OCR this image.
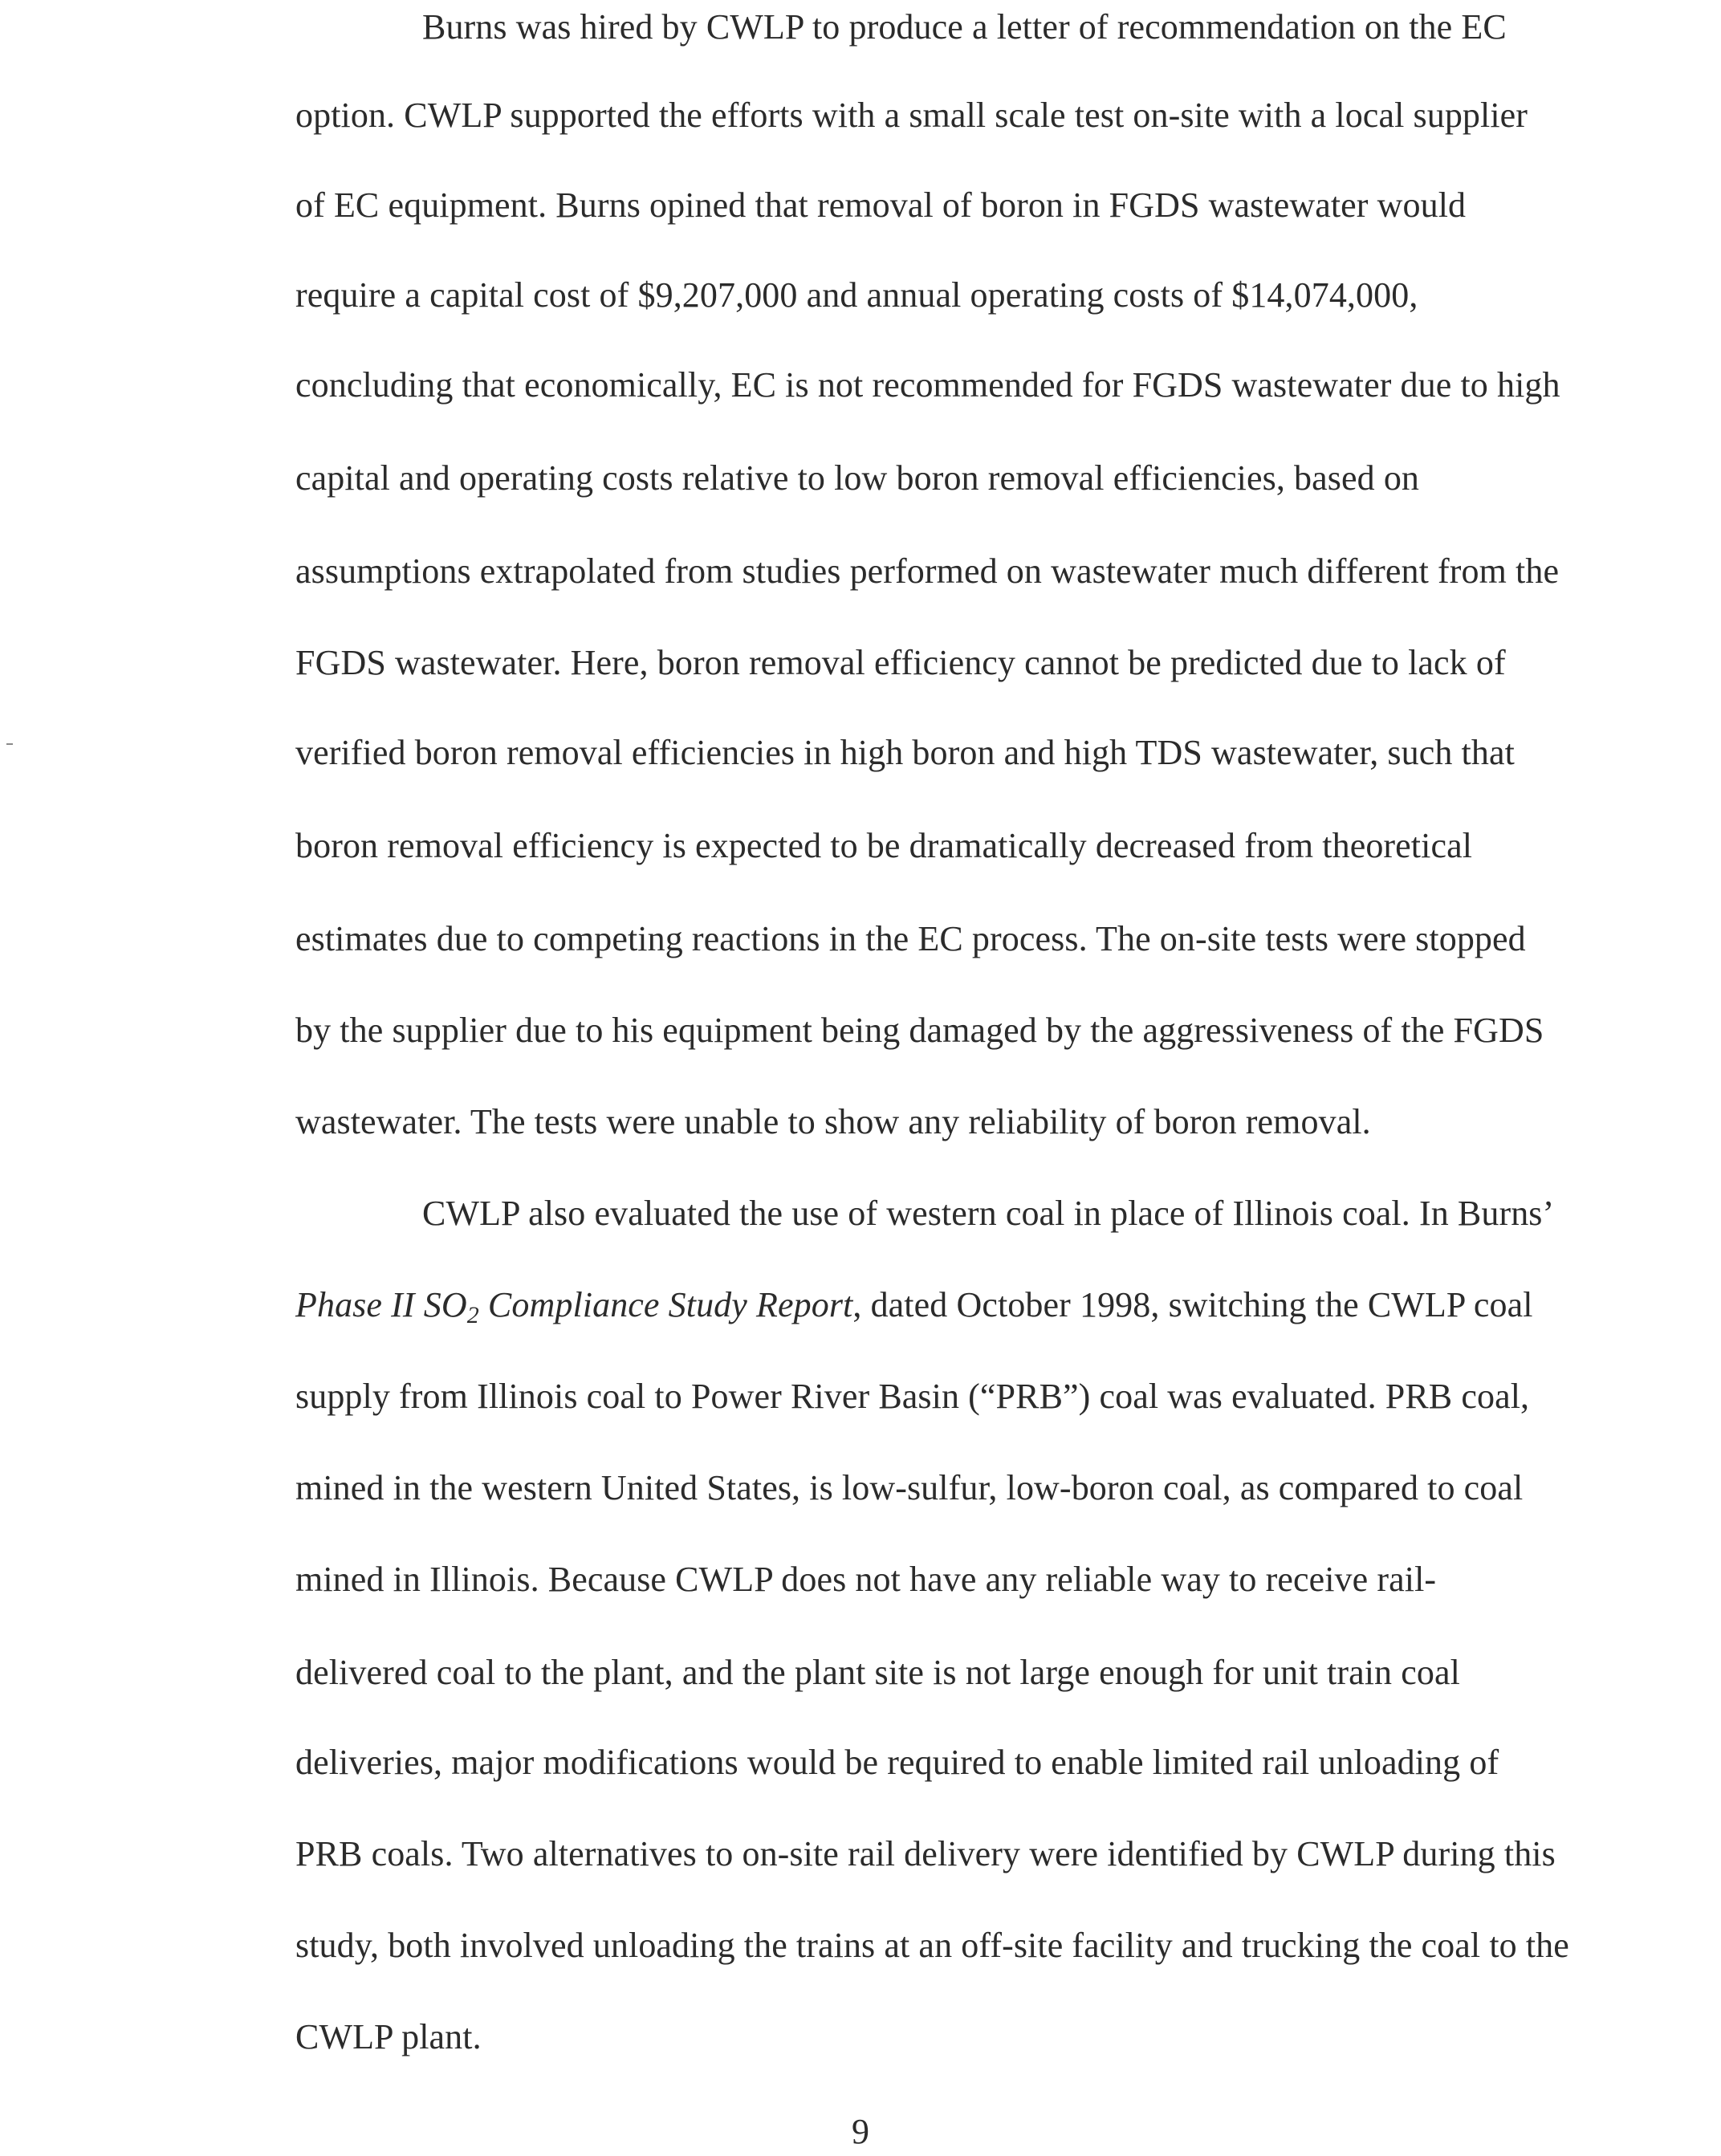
Burns was hired by CWLP to produce a letter of recommendation on the EC
option. CWLP supported the efforts with a small scale test on-site with a local supplier
of EC equipment. Burns opined that removal of boron in FGDS wastewater would
require a capital cost of $9,207,000 and annual operating costs of $14,074,000,
concluding that economically, EC is not recommended for FGDS wastewater due to high
capital and operating costs relative to low boron removal efficiencies, based on
assumptions extrapolated from studies performed on wastewater much different from the
FGDS wastewater. Here, boron removal efficiency cannot be predicted due to lack of
verified boron removal efficiencies in high boron and high TDS wastewater, such that
boron removal efficiency is expected to be dramatically decreased from theoretical
estimates due to competing reactions in the EC process. The on-site tests were stopped
by the supplier due to his equipment being damaged by the aggressiveness of the FGDS
wastewater. The tests were unable to show any reliability of boron removal.
CWLP also evaluated the use of western coal in place of Illinois coal. In Burns’
Phase II $SO_2$ Compliance Study Report, dated October 1998, switching the CWLP coal
supply from Illinois coal to Power River Basin (“PRB”) coal was evaluated. PRB coal,
mined in the western United States, is low-sulfur, low-boron coal, as compared to coal
mined in Illinois. Because CWLP does not have any reliable way to receive rail-
delivered coal to the plant, and the plant site is not large enough for unit train coal
deliveries, major modifications would be required to enable limited rail unloading of
PRB coals. Two alternatives to on-site rail delivery were identified by CWLP during this
study, both involved unloading the trains at an off-site facility and trucking the coal to the
CWLP plant.
9
